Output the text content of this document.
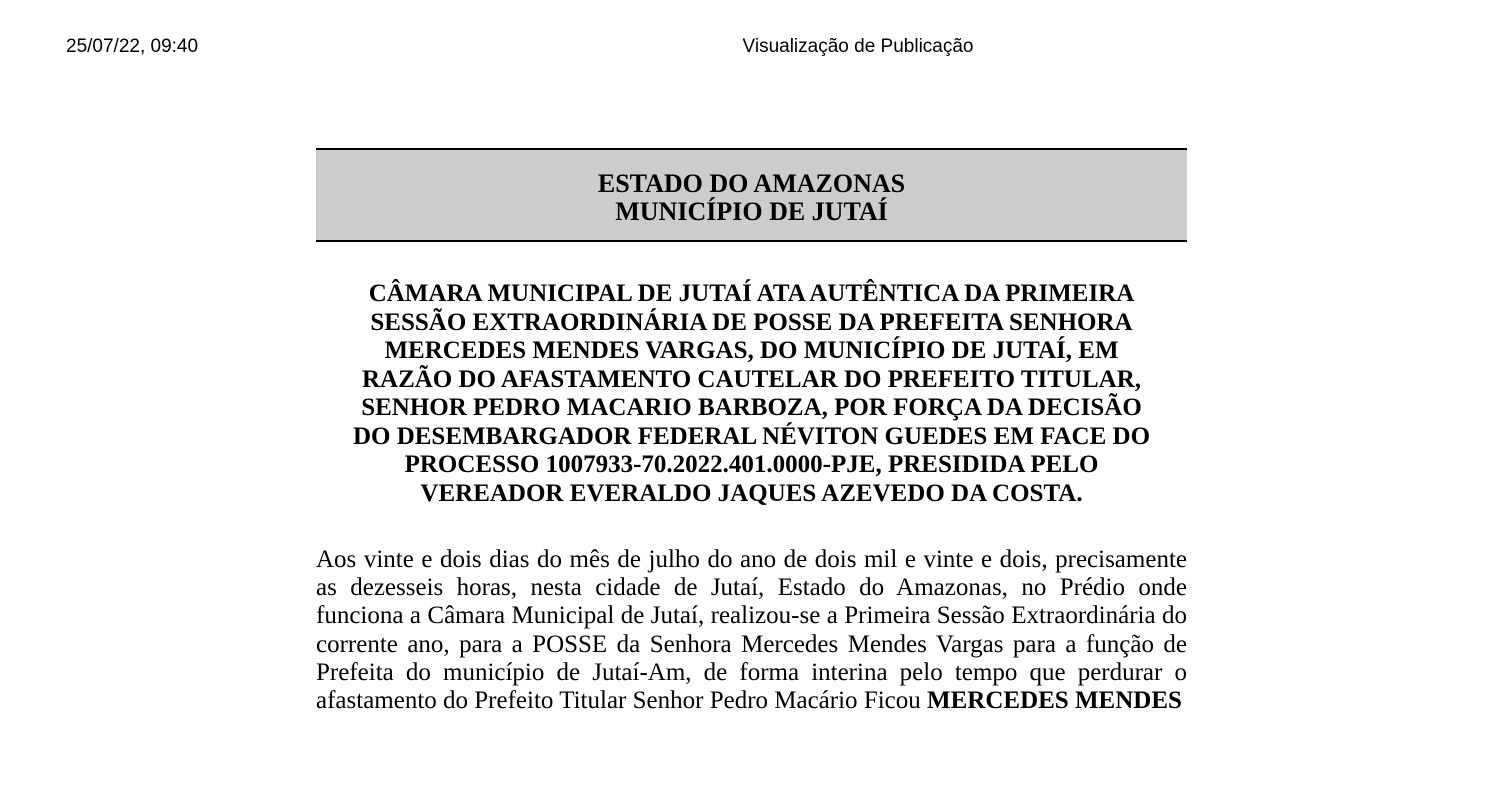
25/07/22, 09:40	Visualização de Publicação
ESTADO DO AMAZONAS
MUNICÍPIO DE JUTAÍ
CÂMARA MUNICIPAL DE JUTAÍ ATA AUTÊNTICA DA PRIMEIRA SESSÃO EXTRAORDINÁRIA DE POSSE DA PREFEITA SENHORA MERCEDES MENDES VARGAS, DO MUNICÍPIO DE JUTAÍ, EM RAZÃO DO AFASTAMENTO CAUTELAR DO PREFEITO TITULAR, SENHOR PEDRO MACARIO BARBOZA, POR FORÇA DA DECISÃO DO DESEMBARGADOR FEDERAL NÉVITON GUEDES EM FACE DO PROCESSO 1007933-70.2022.401.0000-PJE, PRESIDIDA PELO VEREADOR EVERALDO JAQUES AZEVEDO DA COSTA.
Aos vinte e dois dias do mês de julho do ano de dois mil e vinte e dois, precisamente as dezesseis horas, nesta cidade de Jutaí, Estado do Amazonas, no Prédio onde funciona a Câmara Municipal de Jutaí, realizou-se a Primeira Sessão Extraordinária do corrente ano, para a POSSE da Senhora Mercedes Mendes Vargas para a função de Prefeita do município de Jutaí-Am, de forma interina pelo tempo que perdurar o afastamento do Prefeito Titular Senhor Pedro Macário Ficou MERCEDES MENDES
